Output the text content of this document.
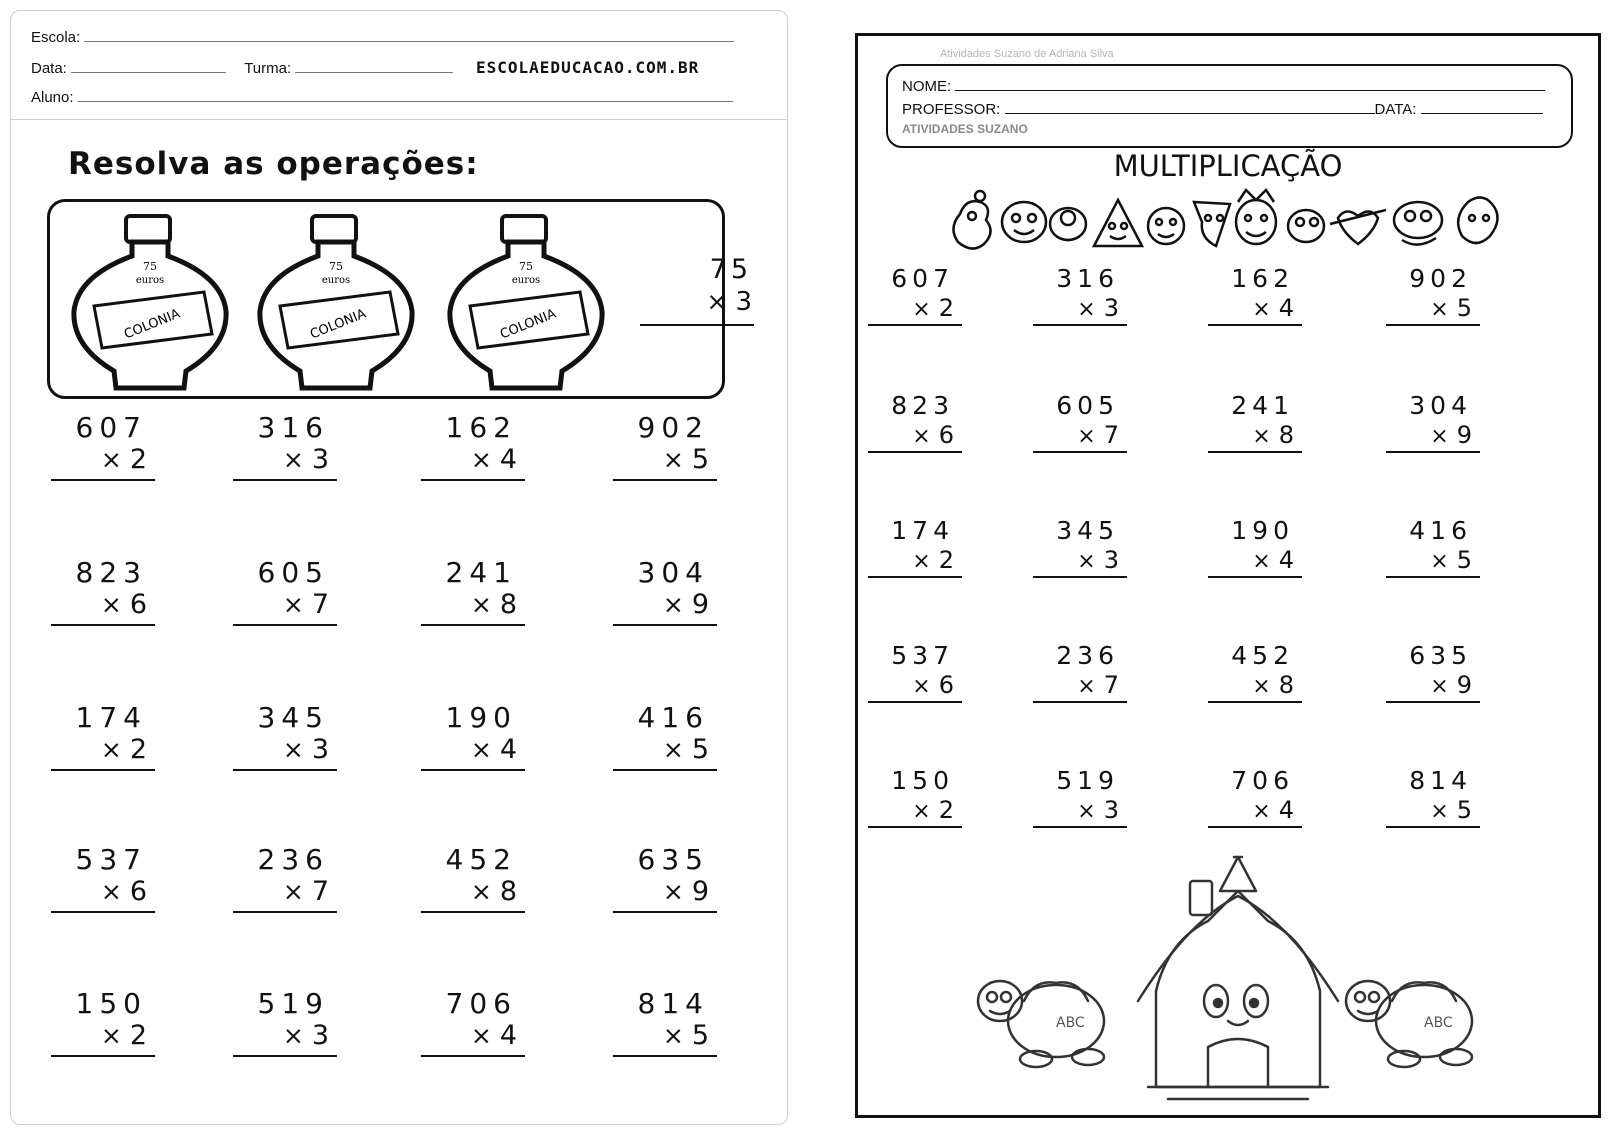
Escola:
Data:	Turma:	ESCOLAEDUCACAO.COM.BR
Aluno:
Resolva as operações:
75
euros
COLONIA
75
euros
COLONIA
75
euros
COLONIA
75
× 3
607
× 2
316
× 3
162
× 4
902
× 5
823
× 6
605
× 7
241
× 8
304
× 9
174
× 2
345
× 3
190
× 4
416
× 5
537
× 6
236
× 7
452
× 8
635
× 9
150
× 2
519
× 3
706
× 4
814
× 5
Atividades Suzano de Adriana Silva
NOME:
PROFESSOR:	DATA:
ATIVIDADES SUZANO
MULTIPLICAÇÃO
607
× 2
316
× 3
162
× 4
902
× 5
823
× 6
605
× 7
241
× 8
304
× 9
174
× 2
345
× 3
190
× 4
416
× 5
537
× 6
236
× 7
452
× 8
635
× 9
150
× 2
519
× 3
706
× 4
814
× 5
ABC	ABC
